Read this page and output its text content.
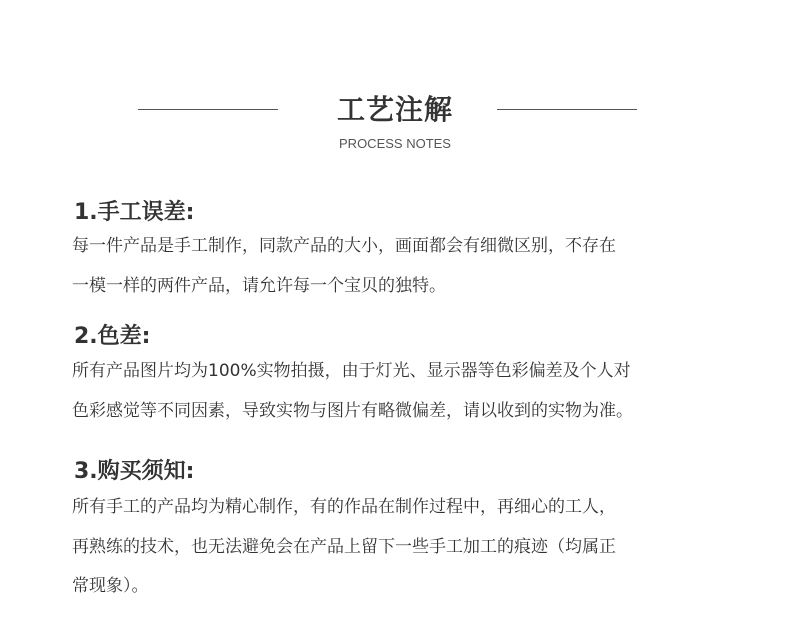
工艺注解
PROCESS NOTES
1.手工误差:
每一件产品是手工制作，同款产品的大小，画面都会有细微区别，不存在
一模一样的两件产品，请允许每一个宝贝的独特。
2.色差:
所有产品图片均为100%实物拍摄，由于灯光、显示器等色彩偏差及个人对
色彩感觉等不同因素，导致实物与图片有略微偏差，请以收到的实物为准。
3.购买须知:
所有手工的产品均为精心制作，有的作品在制作过程中，再细心的工人，
再熟练的技术，也无法避免会在产品上留下一些手工加工的痕迹（均属正
常现象）。
